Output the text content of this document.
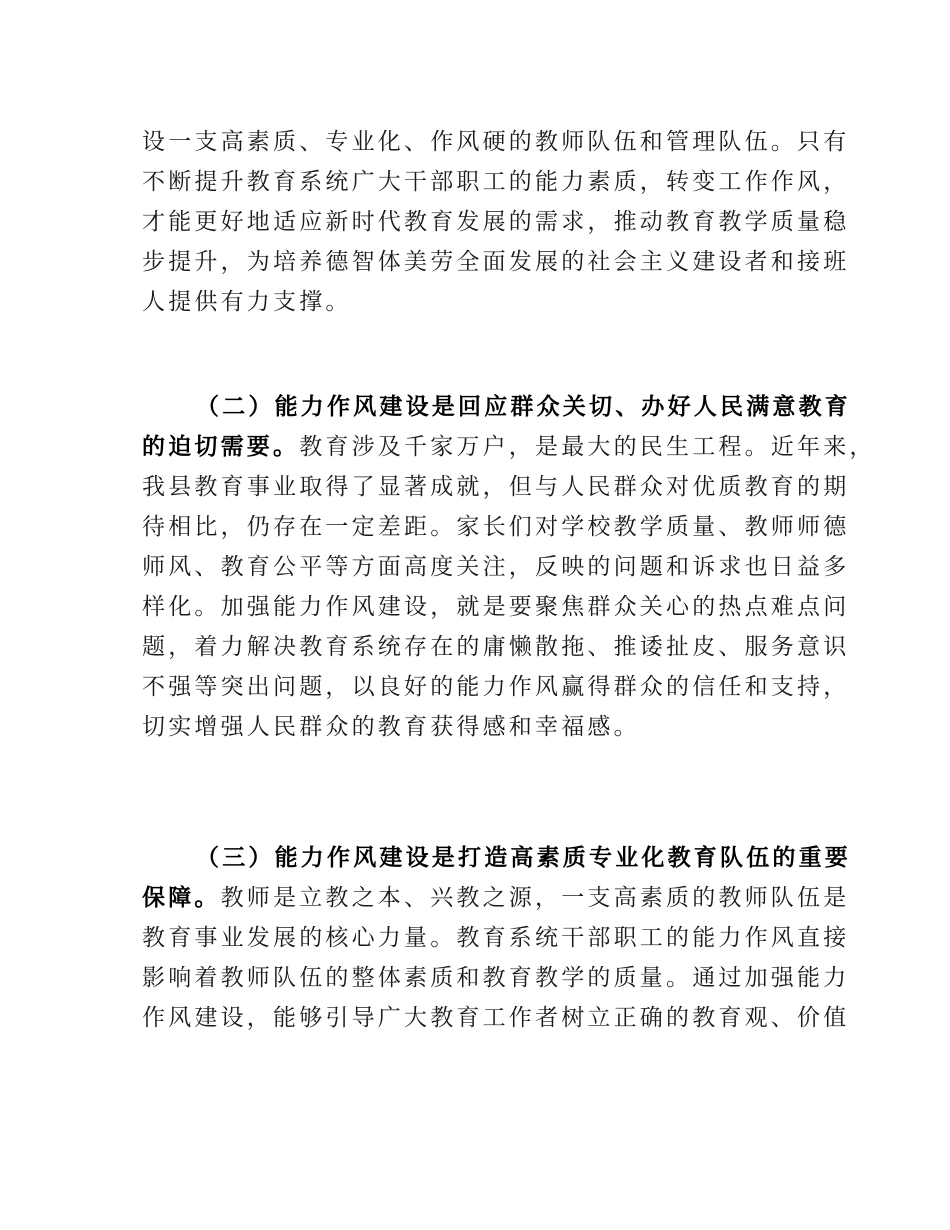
设一支高素质、专业化、作风硬的教师队伍和管理队伍。只有
不断提升教育系统广大干部职工的能力素质，转变工作作风，
才能更好地适应新时代教育发展的需求，推动教育教学质量稳
步提升，为培养德智体美劳全面发展的社会主义建设者和接班
人提供有力支撑。
（二）能力作风建设是回应群众关切、办好人民满意教育
的迫切需要。教育涉及千家万户，是最大的民生工程。近年来，
我县教育事业取得了显著成就，但与人民群众对优质教育的期
待相比，仍存在一定差距。家长们对学校教学质量、教师师德
师风、教育公平等方面高度关注，反映的问题和诉求也日益多
样化。加强能力作风建设，就是要聚焦群众关心的热点难点问
题，着力解决教育系统存在的庸懒散拖、推诿扯皮、服务意识
不强等突出问题，以良好的能力作风赢得群众的信任和支持，
切实增强人民群众的教育获得感和幸福感。
（三）能力作风建设是打造高素质专业化教育队伍的重要
保障。教师是立教之本、兴教之源，一支高素质的教师队伍是
教育事业发展的核心力量。教育系统干部职工的能力作风直接
影响着教师队伍的整体素质和教育教学的质量。通过加强能力
作风建设，能够引导广大教育工作者树立正确的教育观、价值
